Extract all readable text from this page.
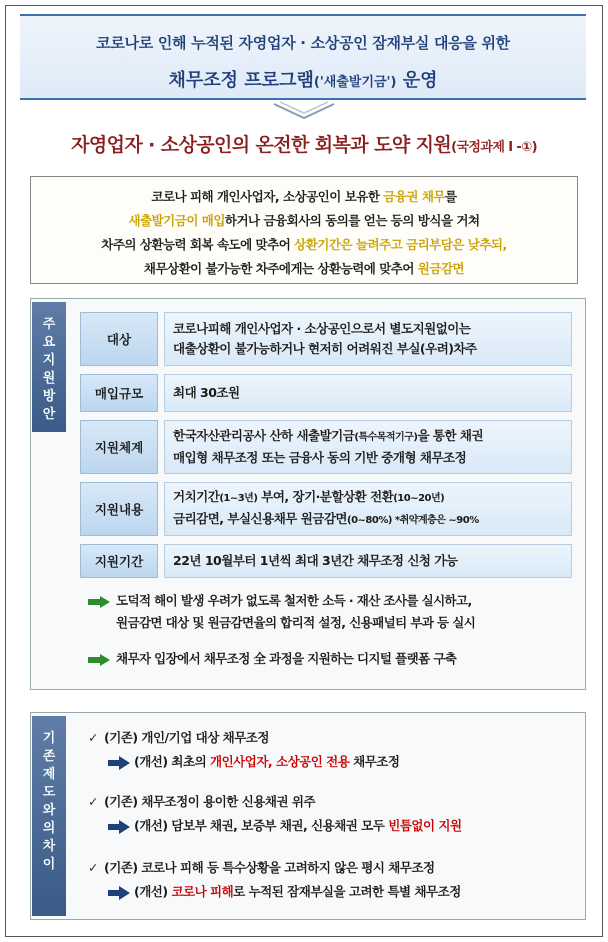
코로나로 인해 누적된 자영업자 · 소상공인 잠재부실 대응을 위한
채무조정 프로그램('새출발기금') 운영
자영업자 · 소상공인의 온전한 회복과 도약 지원(국정과제 I -①)
코로나 피해 개인사업자, 소상공인이 보유한 금융권 채무를
새출발기금이 매입하거나 금융회사의 동의를 얻는 등의 방식을 거쳐
차주의 상환능력 회복 속도에 맞추어 상환기간은 늘려주고 금리부담은 낮추되,
채무상환이 불가능한 차주에게는 상환능력에 맞추어 원금감면
주
요
지
원
방
안
대상
코로나피해 개인사업자 · 소상공인으로서 별도지원없이는
대출상환이 불가능하거나 현저히 어려워진 부실(우려)차주
매입규모	최대 30조원
지원체계
한국자산관리공사 산하 새출발기금(특수목적기구)을 통한 채권
매입형 채무조정 또는 금융사 동의 기반 중개형 채무조정
지원내용
거치기간(1~3년) 부여, 장기·분할상환 전환(10~20년)
금리감면, 부실신용채무 원금감면(0~80%) *취약계층은 ~90%
지원기간	22년 10월부터 1년씩 최대 3년간 채무조정 신청 가능
도덕적 해이 발생 우려가 없도록 철저한 소득 · 재산 조사를 실시하고,
원금감면 대상 및 원금감면율의 합리적 설정, 신용패널티 부과 등 실시
채무자 입장에서 채무조정 全 과정을 지원하는 디지털 플랫폼 구축
기
존
제
도
와
의
차
이
✓ (기존) 개인/기업 대상 채무조정
(개선) 최초의 개인사업자, 소상공인 전용 채무조정
✓ (기존) 채무조정이 용이한 신용채권 위주
(개선) 담보부 채권, 보증부 채권, 신용채권 모두 빈틈없이 지원
✓ (기존) 코로나 피해 등 특수상황을 고려하지 않은 평시 채무조정
(개선) 코로나 피해로 누적된 잠재부실을 고려한 특별 채무조정
